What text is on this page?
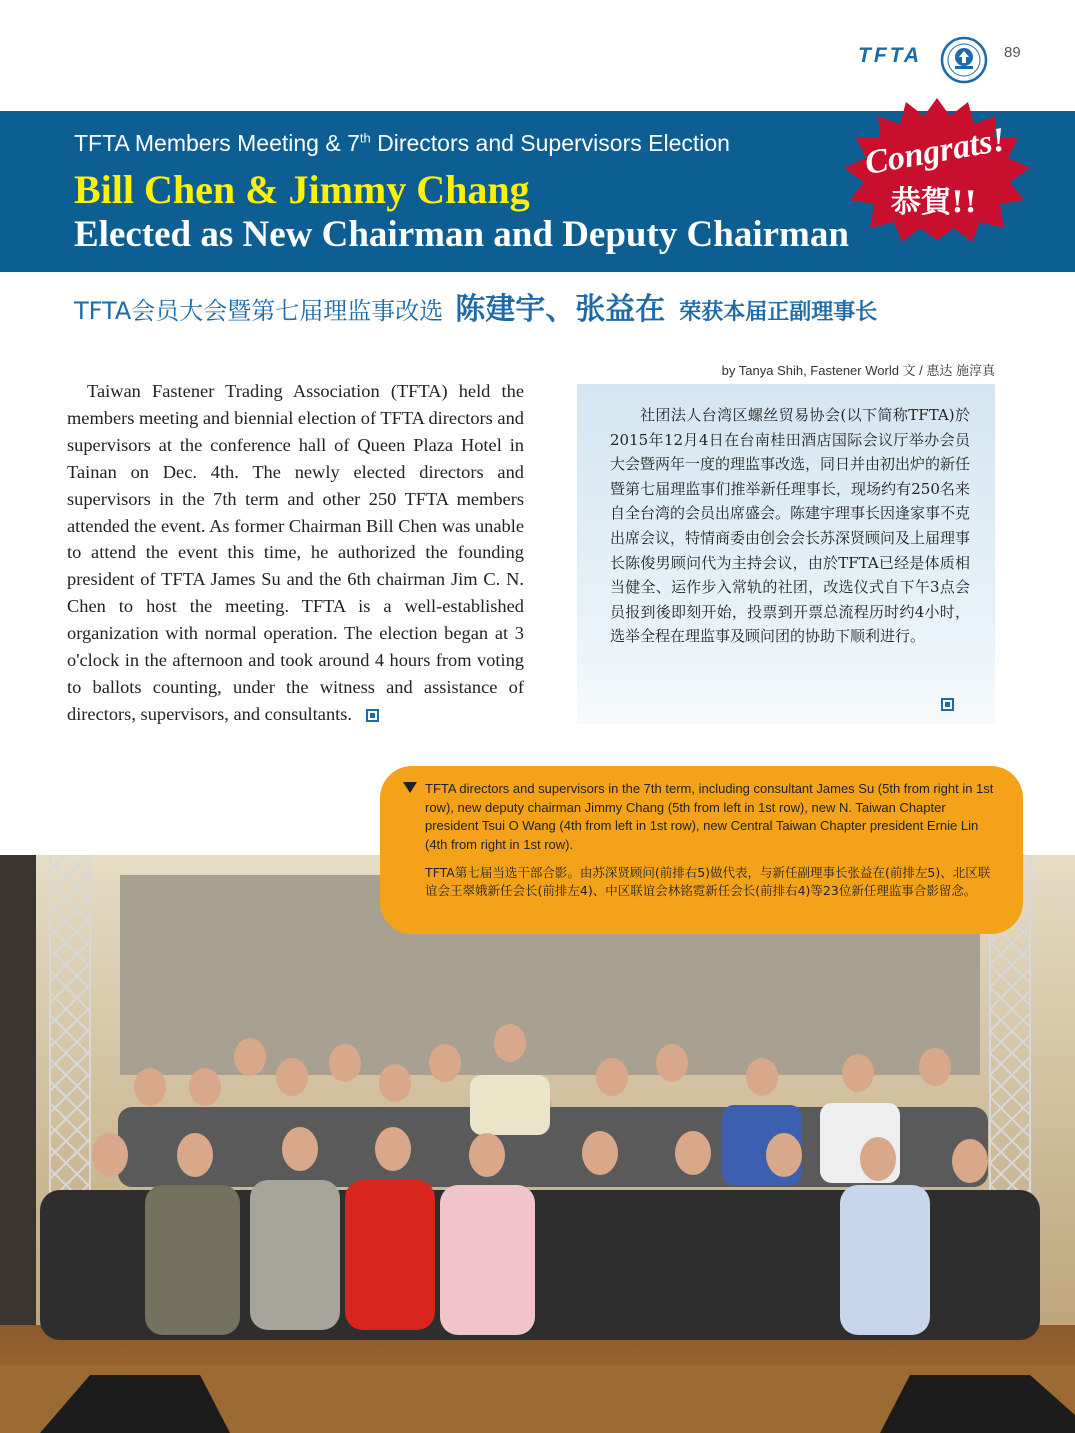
TFTA	89
TFTA Members Meeting & 7th Directors and Supervisors Election
Bill Chen & Jimmy Chang
Elected as New Chairman and Deputy Chairman
Congrats!
恭賀!!
TFTA会员大会暨第七届理监事改选 陈建宇、张益在 荣获本届正副理事长
by Tanya Shih, Fastener World 文 / 惠达 施淳真
Taiwan Fastener Trading Association (TFTA) held the members meeting and biennial election of TFTA directors and supervisors at the conference hall of Queen Plaza Hotel in Tainan on Dec. 4th. The newly elected directors and supervisors in the 7th term and other 250 TFTA members attended the event. As former Chairman Bill Chen was unable to attend the event this time, he authorized the founding president of TFTA James Su and the 6th chairman Jim C. N. Chen to host the meeting. TFTA is a well-established organization with normal operation. The election began at 3 o'clock in the afternoon and took around 4 hours from voting to ballots counting, under the witness and assistance of directors, supervisors, and consultants.
社团法人台湾区螺丝贸易协会(以下简称TFTA)於2015年12月4日在台南桂田酒店国际会议厅举办会员大会暨两年一度的理监事改选，同日并由初出炉的新任暨第七届理监事们推举新任理事长，现场约有250名来自全台湾的会员出席盛会。陈建宇理事长因逢家事不克出席会议，特情商委由创会会长苏深贤顾问及上届理事长陈俊男顾问代为主持会议，由於TFTA已经是体质相当健全、运作步入常轨的社团，改选仪式自下午3点会员报到後即刻开始，投票到开票总流程历时约4小时，选举全程在理监事及顾问团的协助下顺利进行。
TFTA directors and supervisors in the 7th term, including consultant James Su (5th from right in 1st row), new deputy chairman Jimmy Chang (5th from left in 1st row), new N. Taiwan Chapter president Tsui O Wang (4th from left in 1st row), new Central Taiwan Chapter president Ernie Lin (4th from right in 1st row).
TFTA第七届当选干部合影。由苏深贤顾问(前排右5)做代表，与新任副理事长张益在(前排左5)、北区联谊会王翠娥新任会长(前排左4)、中区联谊会林铭霓新任会长(前排右4)等23位新任理监事合影留念。
